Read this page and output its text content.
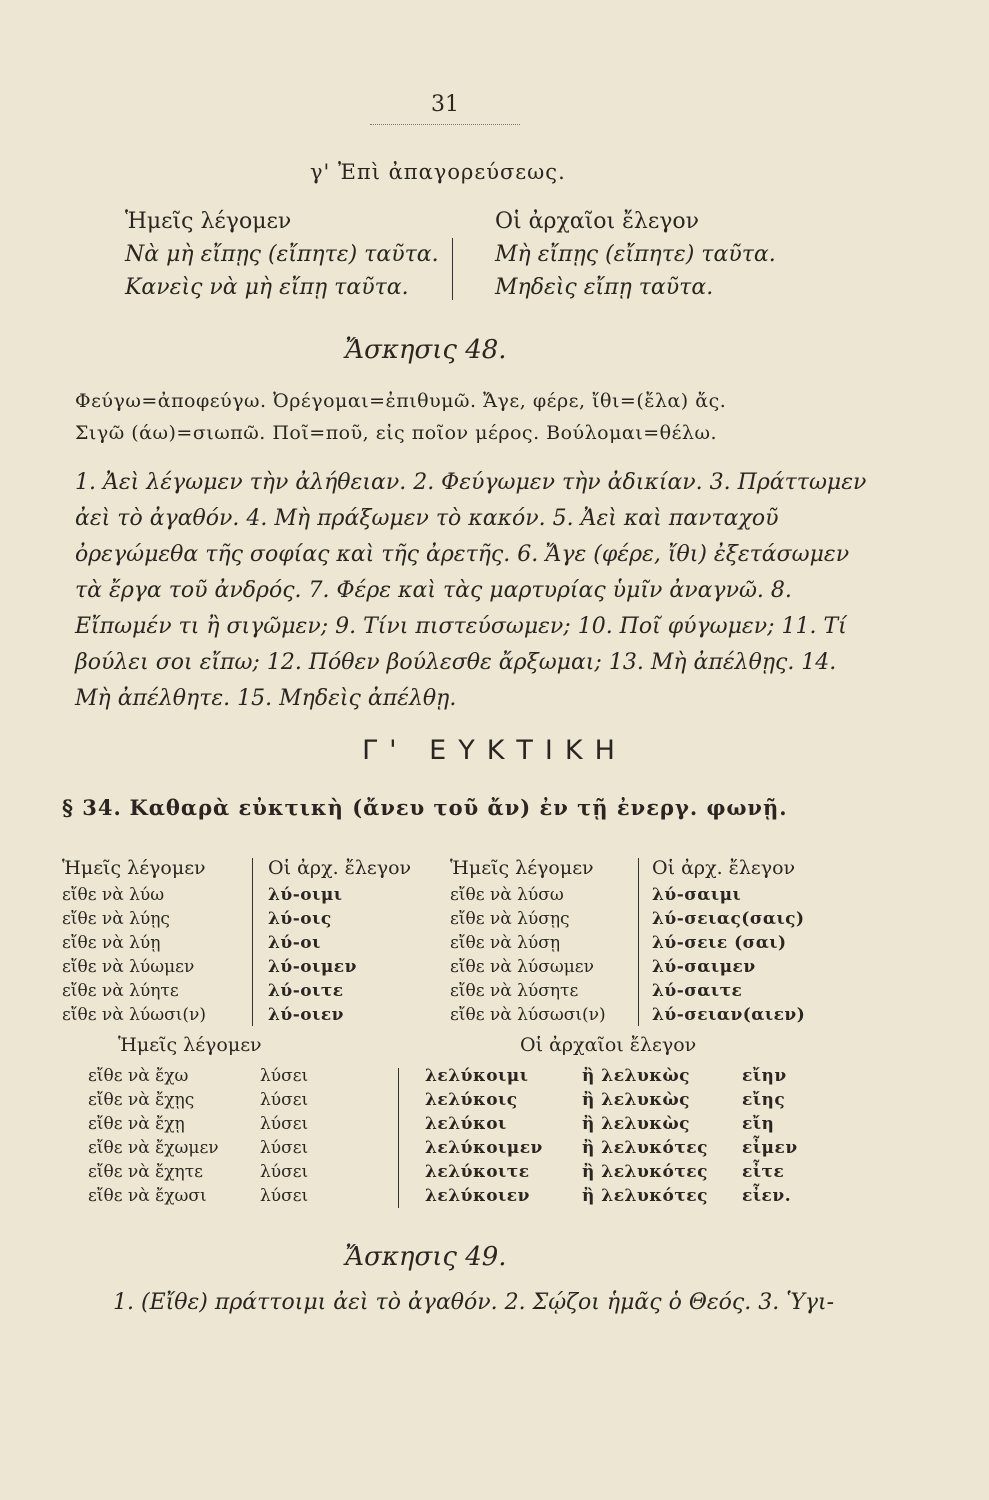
31
γ' Ἐπὶ ἀπαγορεύσεως.
Ἡμεῖς λέγομεν
Νὰ μὴ εἴπῃς (εἴπητε) ταῦτα.
Κανεὶς νὰ μὴ εἴπῃ ταῦτα.
Οἱ ἀρχαῖοι ἔλεγον
Μὴ εἴπῃς (εἴπητε) ταῦτα.
Μηδεὶς εἴπῃ ταῦτα.
Ἄσκησις 48.
Φεύγω=ἀποφεύγω. Ὀρέγομαι=ἐπιθυμῶ. Ἄγε, φέρε, ἴθι=(ἔλα) ἄς.
Σιγῶ (άω)=σιωπῶ. Ποῖ=ποῦ, εἰς ποῖον μέρος. Βούλομαι=θέλω.
1. Ἀεὶ λέγωμεν τὴν ἀλήθειαν. 2. Φεύγωμεν τὴν ἀδικίαν. 3. Πράττωμεν ἀεὶ τὸ ἀγαθόν. 4. Μὴ πράξωμεν τὸ κακόν. 5. Ἀεὶ καὶ πανταχοῦ ὀρεγώμεθα τῆς σοφίας καὶ τῆς ἀρετῆς. 6. Ἄγε (φέρε, ἴθι) ἐξετάσωμεν τὰ ἔργα τοῦ ἀνδρός. 7. Φέρε καὶ τὰς μαρτυρίας ὑμῖν ἀναγνῶ. 8. Εἴπωμέν τι ἢ σιγῶμεν; 9. Τίνι πιστεύσωμεν; 10. Ποῖ φύγωμεν; 11. Τί βούλει σοι εἴπω; 12. Πόθεν βούλεσθε ἄρξωμαι; 13. Μὴ ἀπέλθῃς. 14. Μὴ ἀπέλθητε. 15. Μηδεὶς ἀπέλθῃ.
Γ' ΕΥΚΤΙΚΗ
§ 34. Καθαρὰ εὐκτικὴ (ἄνευ τοῦ ἄν) ἐν τῇ ἐνεργ. φωνῇ.
Ἡμεῖς λέγομεν
εἴθε νὰ λύω
εἴθε νὰ λύῃς
εἴθε νὰ λύῃ
εἴθε νὰ λύωμεν
εἴθε νὰ λύητε
εἴθε νὰ λύωσι(ν)
Οἱ ἀρχ. ἔλεγον
λύ-οιμι
λύ-οις
λύ-οι
λύ-οιμεν
λύ-οιτε
λύ-οιεν
Ἡμεῖς λέγομεν
εἴθε νὰ λύσω
εἴθε νὰ λύσῃς
εἴθε νὰ λύσῃ
εἴθε νὰ λύσωμεν
εἴθε νὰ λύσητε
εἴθε νὰ λύσωσι(ν)
Οἱ ἀρχ. ἔλεγον
λύ-σαιμι
λύ-σειας(σαις)
λύ-σειε (σαι)
λύ-σαιμεν
λύ-σαιτε
λύ-σειαν(αιεν)
Ἡμεῖς λέγομεν	Οἱ ἀρχαῖοι ἔλεγον
εἴθε νὰ ἔχω
εἴθε νὰ ἔχῃς
εἴθε νὰ ἔχῃ
εἴθε νὰ ἔχωμεν
εἴθε νὰ ἔχητε
εἴθε νὰ ἔχωσι
λύσει
λύσει
λύσει
λύσει
λύσει
λύσει
λελύκοιμι
λελύκοις
λελύκοι
λελύκοιμεν
λελύκοιτε
λελύκοιεν
ἢ λελυκὼς
ἢ λελυκὼς
ἢ λελυκὼς
ἢ λελυκότες
ἢ λελυκότες
ἢ λελυκότες
εἴην
εἴης
εἴη
εἶμεν
εἶτε
εἶεν.
Ἄσκησις 49.
1. (Εἴθε) πράττοιμι ἀεὶ τὸ ἀγαθόν. 2. Σῴζοι ἡμᾶς ὁ Θεός. 3. Ὑγι-
